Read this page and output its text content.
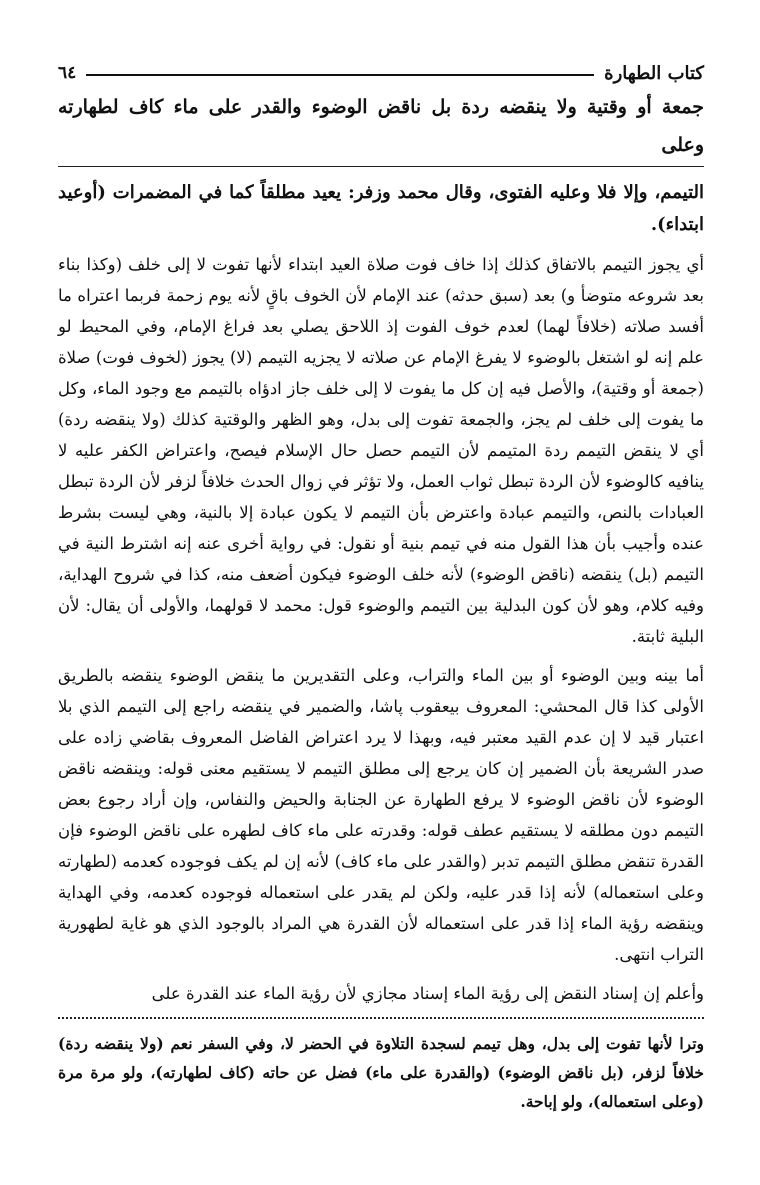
كتاب الطهارة
٦٤

جمعة أو وقتية ولا ينقضه ردة بل ناقض الوضوء والقدر على ماء كاف لطهارته وعلى

التيمم، وإلا فلا وعليه الفتوى، وقال محمد وزفر: يعيد مطلقاً كما في المضمرات (أوعيد ابتداء).

أي يجوز التيمم بالاتفاق كذلك إذا خاف فوت صلاة العيد ابتداء لأنها تفوت لا إلى خلف (وكذا بناء بعد شروعه متوضأ و) بعد (سبق حدثه) عند الإمام لأن الخوف باقٍ لأنه يوم زحمة فربما اعتراه ما أفسد صلاته (خلافاً لهما) لعدم خوف الفوت إذ اللاحق يصلي بعد فراغ الإمام، وفي المحيط لو علم إنه لو اشتغل بالوضوء لا يفرغ الإمام عن صلاته لا يجزيه التيمم (لا) يجوز (لخوف فوت) صلاة (جمعة أو وقتية)، والأصل فيه إن كل ما يفوت لا إلى خلف جاز ادؤاه بالتيمم مع وجود الماء، وكل ما يفوت إلى خلف لم يجز، والجمعة تفوت إلى بدل، وهو الظهر والوقتية كذلك (ولا ينقضه ردة) أي لا ينقض التيمم ردة المتيمم لأن التيمم حصل حال الإسلام فيصح، واعتراض الكفر عليه لا ينافيه كالوضوء لأن الردة تبطل ثواب العمل، ولا تؤثر في زوال الحدث خلافاً لزفر لأن الردة تبطل العبادات بالنص، والتيمم عبادة واعترض بأن التيمم لا يكون عبادة إلا بالنية، وهي ليست بشرط عنده وأجيب بأن هذا القول منه في تيمم بنية أو نقول: في رواية أخرى عنه إنه اشترط النية في التيمم (بل) ينقضه (ناقض الوضوء) لأنه خلف الوضوء فيكون أضعف منه، كذا في شروح الهداية، وفيه كلام، وهو لأن كون البدلية بين التيمم والوضوء قول: محمد لا قولهما، والأولى أن يقال: لأن البلية ثابتة.

أما بينه وبين الوضوء أو بين الماء والتراب، وعلى التقديرين ما ينقض الوضوء ينقضه بالطريق الأولى كذا قال المحشي: المعروف بيعقوب پاشا، والضمير في ينقضه راجع إلى التيمم الذي بلا اعتبار قيد لا إن عدم القيد معتبر فيه، وبهذا لا يرد اعتراض الفاضل المعروف بقاضي زاده على صدر الشريعة بأن الضمير إن كان يرجع إلى مطلق التيمم لا يستقيم معنى قوله: وينقضه ناقض الوضوء لأن ناقض الوضوء لا يرفع الطهارة عن الجنابة والحيض والنفاس، وإن أراد رجوع بعض التيمم دون مطلقه لا يستقيم عطف قوله: وقدرته على ماء كاف لطهره على ناقض الوضوء فإن القدرة تنقض مطلق التيمم تدبر (والقدر على ماء كاف) لأنه إن لم يكف فوجوده كعدمه (لطهارته وعلى استعماله) لأنه إذا قدر عليه، ولكن لم يقدر على استعماله فوجوده كعدمه، وفي الهداية وينقضه رؤية الماء إذا قدر على استعماله لأن القدرة هي المراد بالوجود الذي هو غاية لطهورية التراب انتهى.

وأعلم إن إسناد النقض إلى رؤية الماء إسناد مجازي لأن رؤية الماء عند القدرة على

وترا لأنها تفوت إلى بدل، وهل تيمم لسجدة التلاوة في الحضر لا، وفي السفر نعم (ولا ينقضه ردة) خلافاً لزفر، (بل ناقض الوضوء) (والقدرة على ماء) فضل عن حاته (كاف لطهارته)، ولو مرة مرة (وعلى استعماله)، ولو إباحة.
